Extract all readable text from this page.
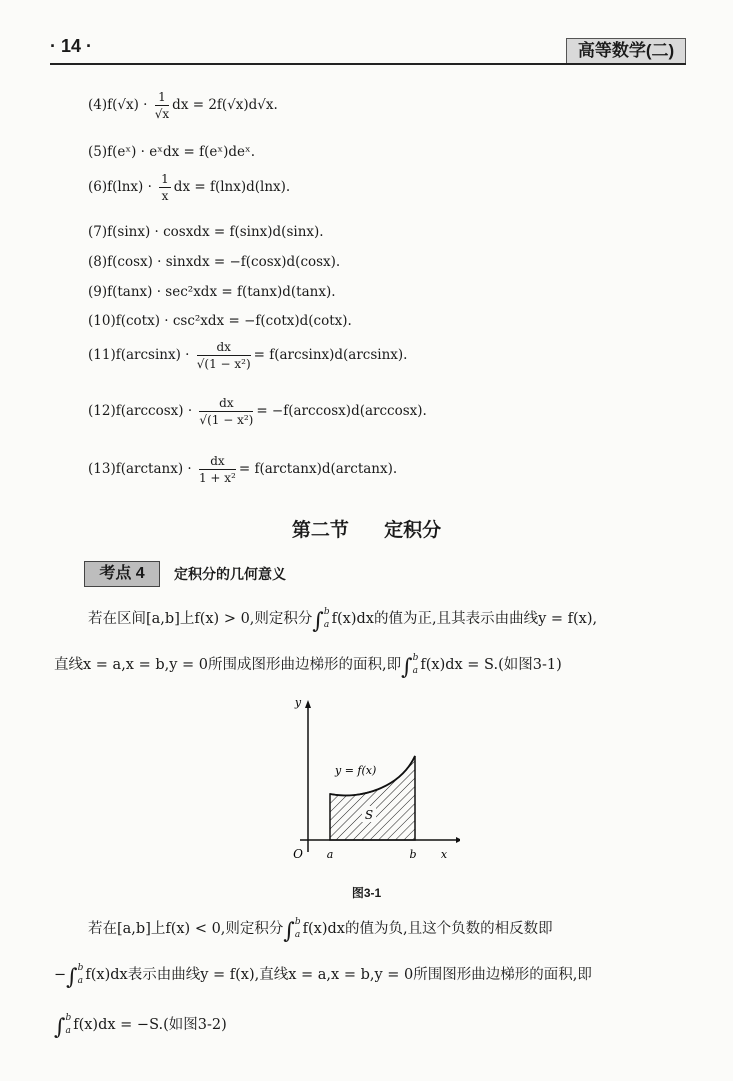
· 14 ·	高等数学(二)
$(4)f(√x) \cdot \frac{1}{√x}$ dx = 2f(√x)d√x.
(5)f(eˣ) · eˣdx = f(eˣ)deˣ.
$(6)f(\ln x) \cdot \frac{1}{x}$ dx = f(lnx)d(lnx).
(7)f(sinx) · cosxdx = f(sinx)d(sinx).
(8)f(cosx) · sinxdx = −f(cosx)d(cosx).
(9)f(tanx) · sec²xdx = f(tanx)d(tanx).
(10)f(cotx) · csc²xdx = −f(cotx)d(cotx).
$(11)f(\arcsin x) \cdot \frac{dx}{\text{√(1 − x²)}} = f(\arcsin x)d(\arcsin x)$.
$(12)f(\arccos x) \cdot \frac{dx}{\text{√(1 − x²)}} = -f(\arccos x)d(\arccos x)$.
$(13)f(\arctan x) \cdot \frac{dx}{\text{1 + x²}} = f(\arctan x)d(\arctan x)$.
第二节 定积分
考点 4	定积分的几何意义
若在区间[a,b]上f(x) > 0,则定积分∫ b
a f(x)dx的值为正,且其表示由曲线y = f(x),
直线x = a,x = b,y = 0所围成图形曲边梯形的面积,即∫ b
a f(x)dx = S.(如图3-1)
S
y = f(x)
y
x
O a	b
图3-1
若在[a,b]上f(x) < 0,则定积分∫ b
a f(x)dx的值为负,且这个负数的相反数即
−∫ b
a f(x)dx表示由曲线y = f(x),直线x = a,x = b,y = 0所围图形曲边梯形的面积,即
∫ b
a f(x)dx = −S.(如图3-2)
